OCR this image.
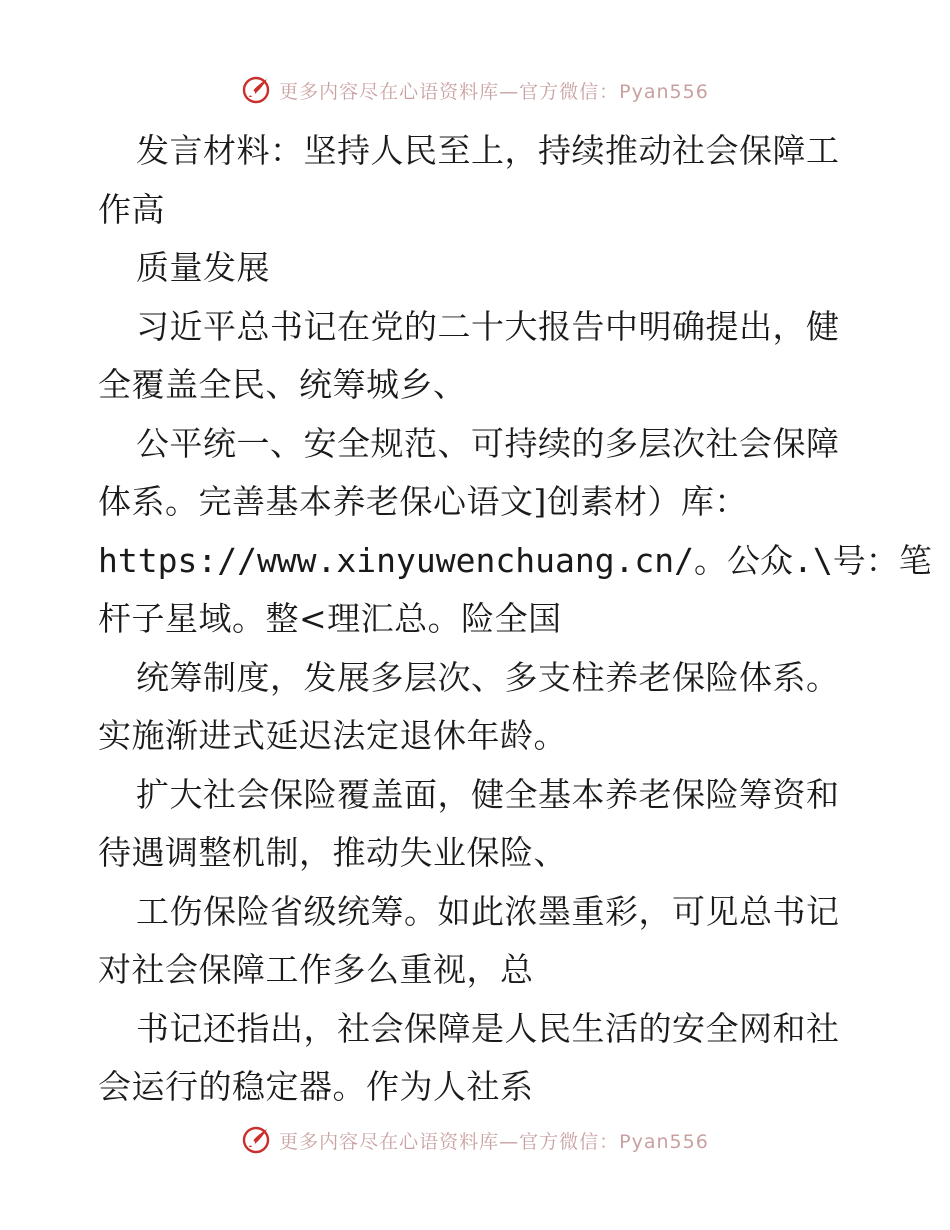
更多内容尽在心语资料库—官方微信：Pyan556

发言材料：坚持人民至上，持续推动社会保障工
作高

质量发展

习近平总书记在党的二十大报告中明确提出，健
全覆盖全民、统筹城乡、

公平统一、安全规范、可持续的多层次社会保障
体系。完善基本养老保心语文]创素材）库：
https://www.xinyuwenchuang.cn/。公众.\号：笔
杆子星域。整<理汇总。险全国

统筹制度，发展多层次、多支柱养老保险体系。
实施渐进式延迟法定退休年龄。

扩大社会保险覆盖面，健全基本养老保险筹资和
待遇调整机制，推动失业保险、

工伤保险省级统筹。如此浓墨重彩，可见总书记
对社会保障工作多么重视，总

书记还指出，社会保障是人民生活的安全网和社
会运行的稳定器。作为人社系

更多内容尽在心语资料库—官方微信：Pyan556
